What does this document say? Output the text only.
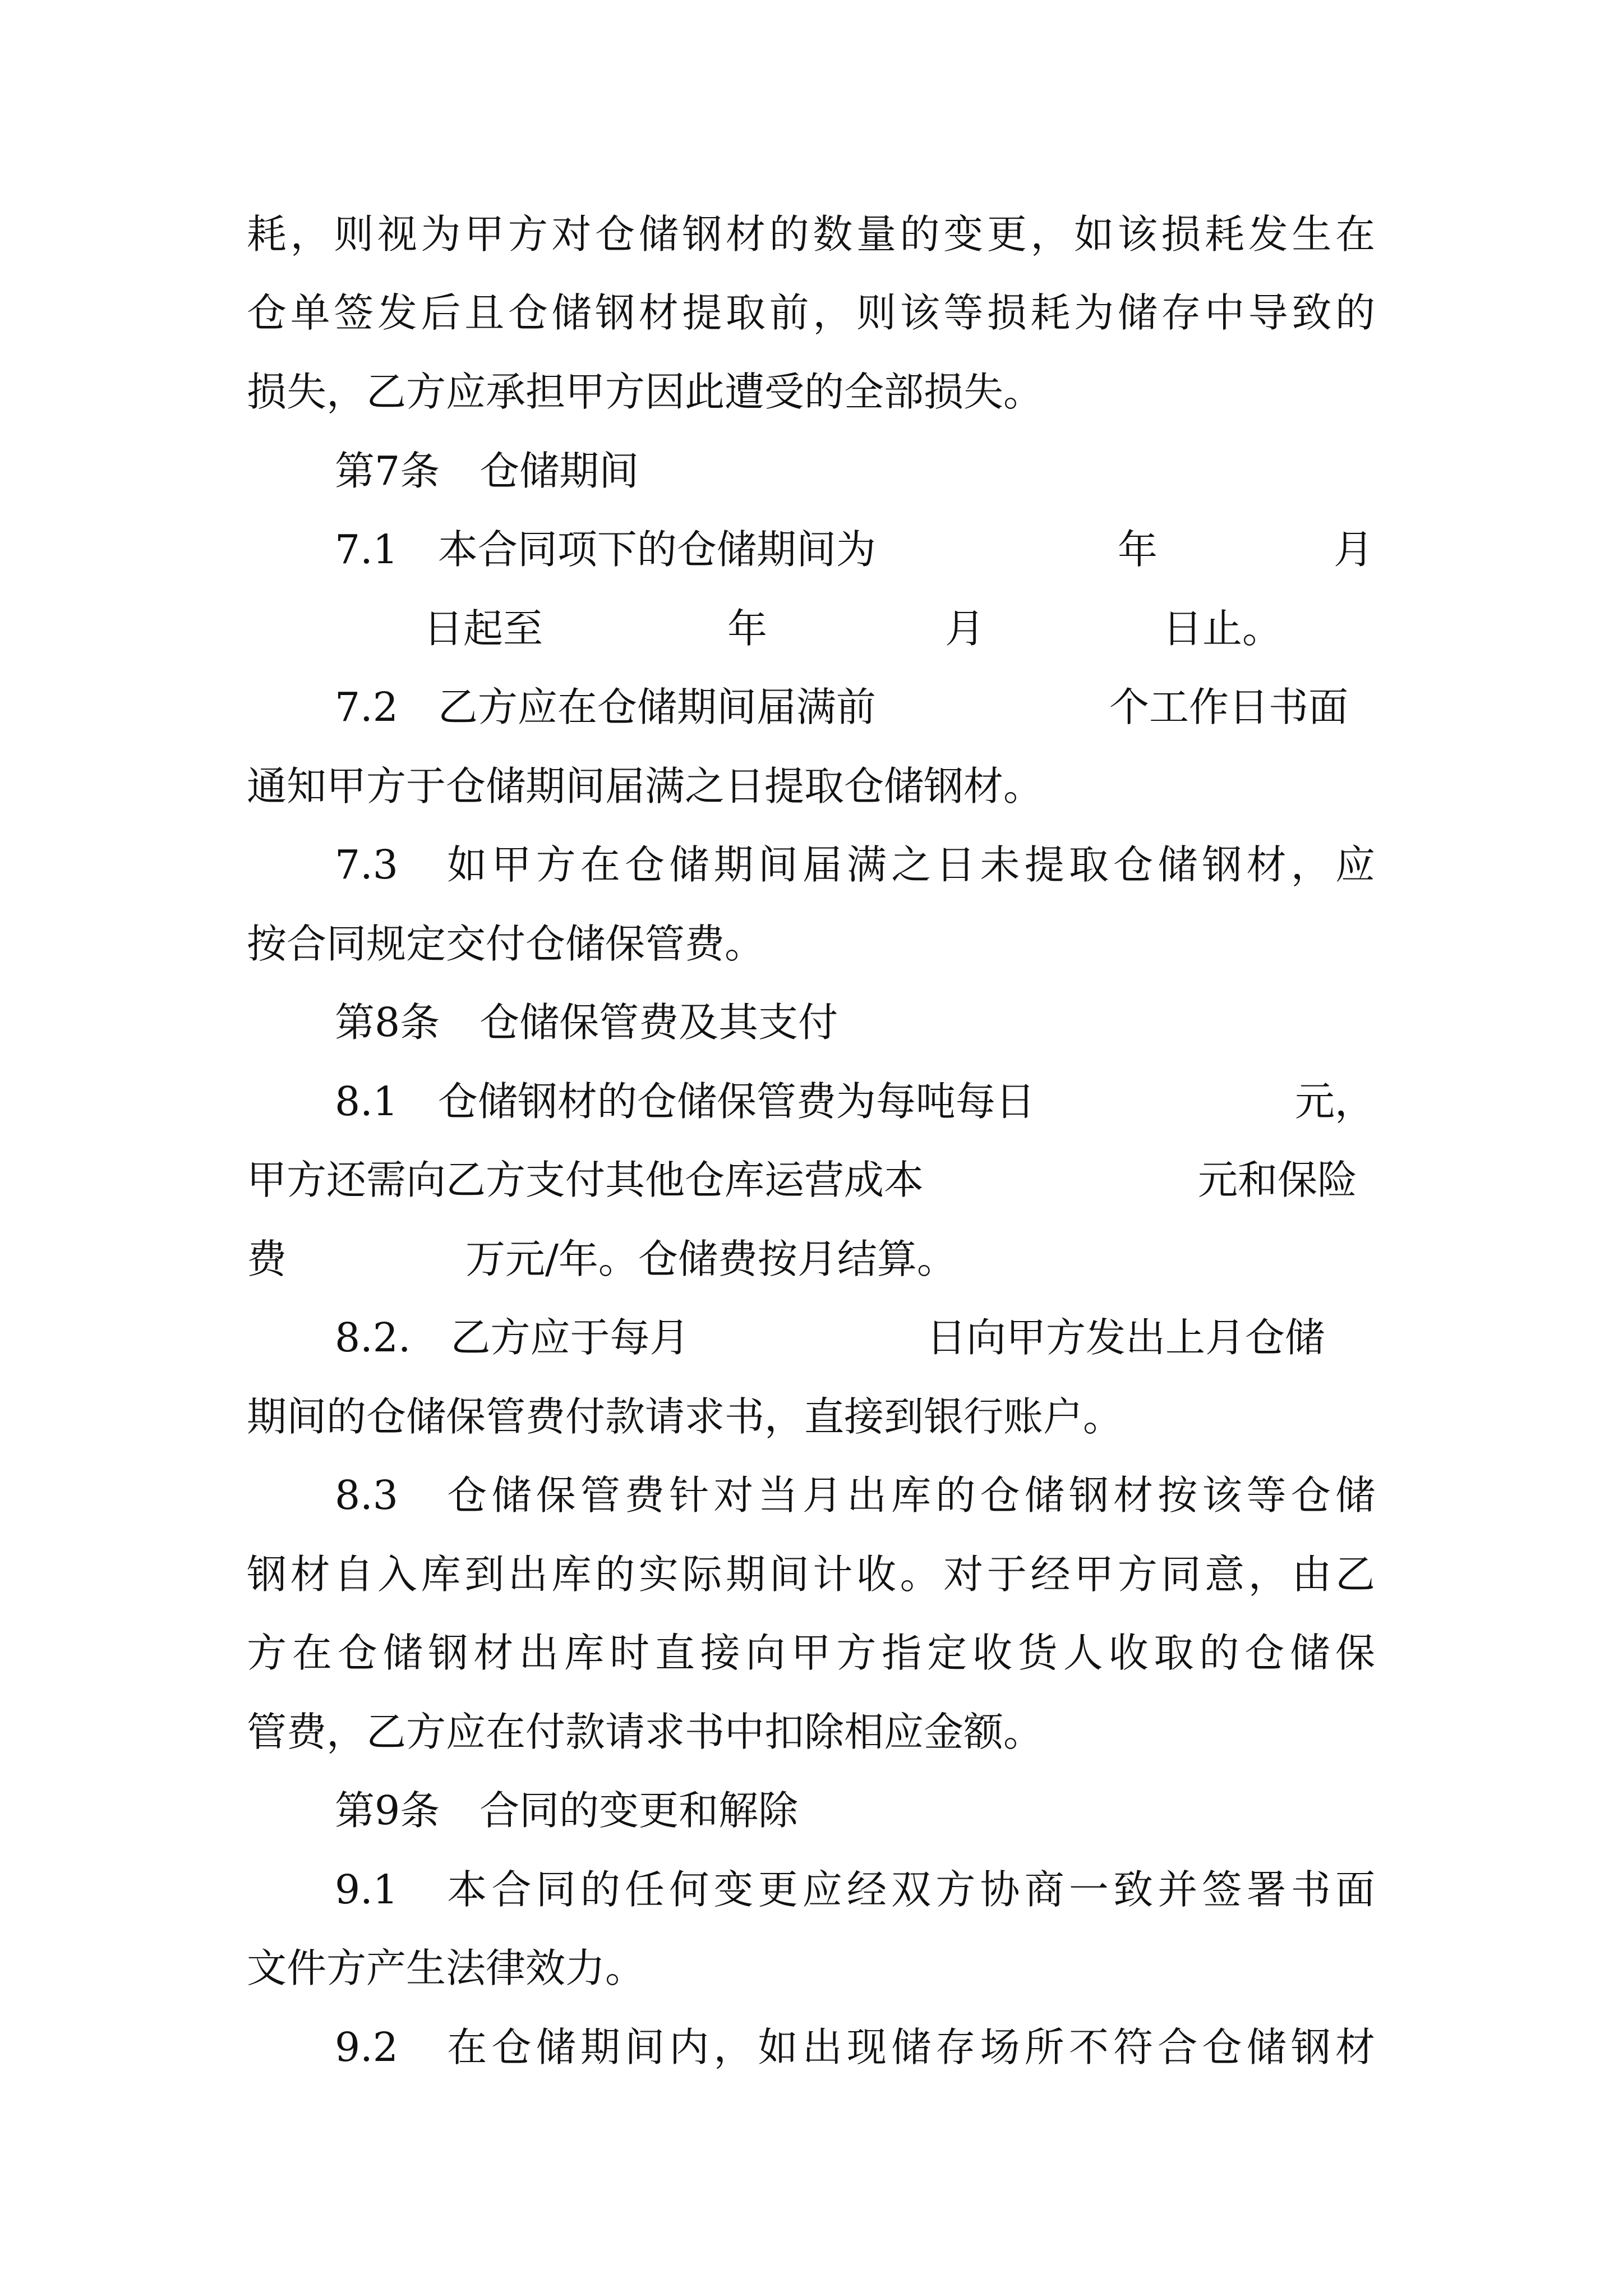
耗，则视为甲方对仓储钢材的数量的变更，如该损耗发生在
仓单签发后且仓储钢材提取前，则该等损耗为储存中导致的
损失，乙方应承担甲方因此遭受的全部损失。
第7条　仓储期间
7.1　本合同项下的仓储期间为	年	月
日起至	年	月	日止。
7.2　乙方应在仓储期间届满前	个工作日书面
通知甲方于仓储期间届满之日提取仓储钢材。
7.3　如甲方在仓储期间届满之日未提取仓储钢材，应
按合同规定交付仓储保管费。
第8条　仓储保管费及其支付
8.1　仓储钢材的仓储保管费为每吨每日	元，
甲方还需向乙方支付其他仓库运营成本	元和保险
费	万元/年。仓储费按月结算。
8.2.　乙方应于每月	日向甲方发出上月仓储
期间的仓储保管费付款请求书，直接到银行账户。
8.3　仓储保管费针对当月出库的仓储钢材按该等仓储
钢材自入库到出库的实际期间计收。对于经甲方同意，由乙
方在仓储钢材出库时直接向甲方指定收货人收取的仓储保
管费，乙方应在付款请求书中扣除相应金额。
第9条　合同的变更和解除
9.1　本合同的任何变更应经双方协商一致并签署书面
文件方产生法律效力。
9.2　在仓储期间内，如出现储存场所不符合仓储钢材
